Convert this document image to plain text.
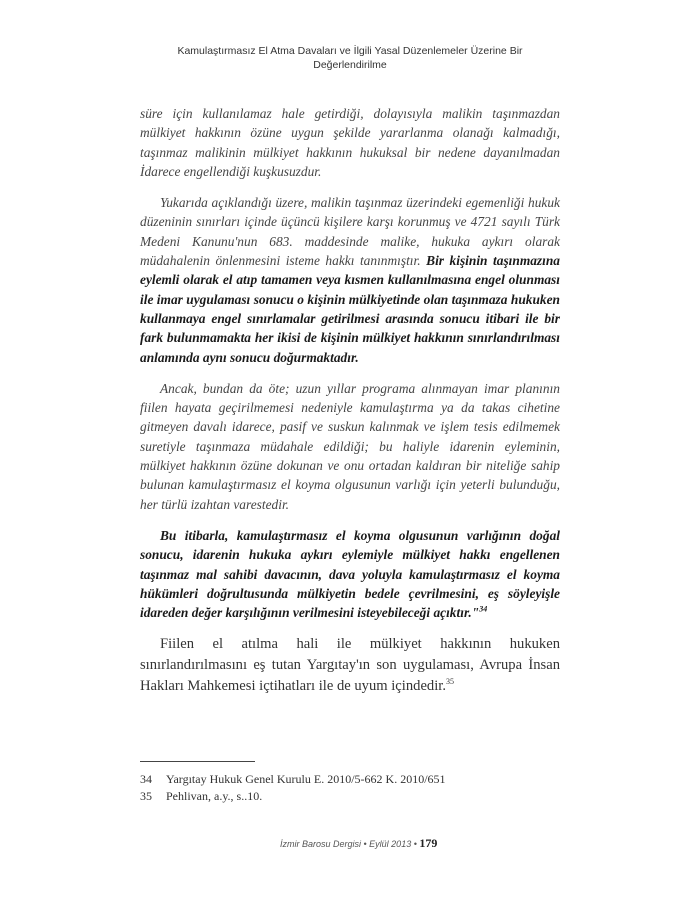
Kamulaştırmasız El Atma Davaları ve İlgili Yasal Düzenlemeler Üzerine Bir
Değerlendirilme

süre için kullanılamaz hale getirdiği, dolayısıyla malikin taşınmazdan mülkiyet hakkının özüne uygun şekilde yararlanma olanağı kalmadığı, taşınmaz malikinin mülkiyet hakkının hukuksal bir nedene dayanılmadan İdarece engellendiği kuşkusuzdur.

Yukarıda açıklandığı üzere, malikin taşınmaz üzerindeki egemenliği hukuk düzeninin sınırları içinde üçüncü kişilere karşı korunmuş ve 4721 sayılı Türk Medeni Kanunu'nun 683. maddesinde malike, hukuka aykırı olarak müdahalenin önlenmesini isteme hakkı tanınmıştır. Bir kişinin taşınmazına eylemli olarak el atıp tamamen veya kısmen kullanılmasına engel olunması ile imar uygulaması sonucu o kişinin mülkiyetinde olan taşınmaza hukuken kullanmaya engel sınırlamalar getirilmesi arasında sonucu itibari ile bir fark bulunmamakta her ikisi de kişinin mülkiyet hakkının sınırlandırılması anlamında aynı sonucu doğurmaktadır.

Ancak, bundan da öte; uzun yıllar programa alınmayan imar planının fiilen hayata geçirilmemesi nedeniyle kamulaştırma ya da takas cihetine gitmeyen davalı idarece, pasif ve suskun kalınmak ve işlem tesis edilmemek suretiyle taşınmaza müdahale edildiği; bu haliyle idarenin eyleminin, mülkiyet hakkının özüne dokunan ve onu ortadan kaldıran bir niteliğe sahip bulunan kamulaştırmasız el koyma olgusunun varlığı için yeterli bulunduğu, her türlü izahtan varestedir.

Bu itibarla, kamulaştırmasız el koyma olgusunun varlığının doğal sonucu, idarenin hukuka aykırı eylemiyle mülkiyet hakkı engellenen taşınmaz mal sahibi davacının, dava yoluyla kamulaştırmasız el koyma hükümleri doğrultusunda mülkiyetin bedele çevrilmesini, eş söyleyişle idareden değer karşılığının verilmesini isteyebileceği açıktır."$^{34}$

Fiilen el atılma hali ile mülkiyet hakkının hukuken sınırlandırılmasını eş tutan Yargıtay'ın son uygulaması, Avrupa İnsan Hakları Mahkemesi içtihatları ile de uyum içindedir.$^{35}$

34	Yargıtay Hukuk Genel Kurulu E. 2010/5-662 K. 2010/651
35	Pehlivan, a.y., s..10.
İzmir Barosu Dergisi • Eylül 2013 • 179
